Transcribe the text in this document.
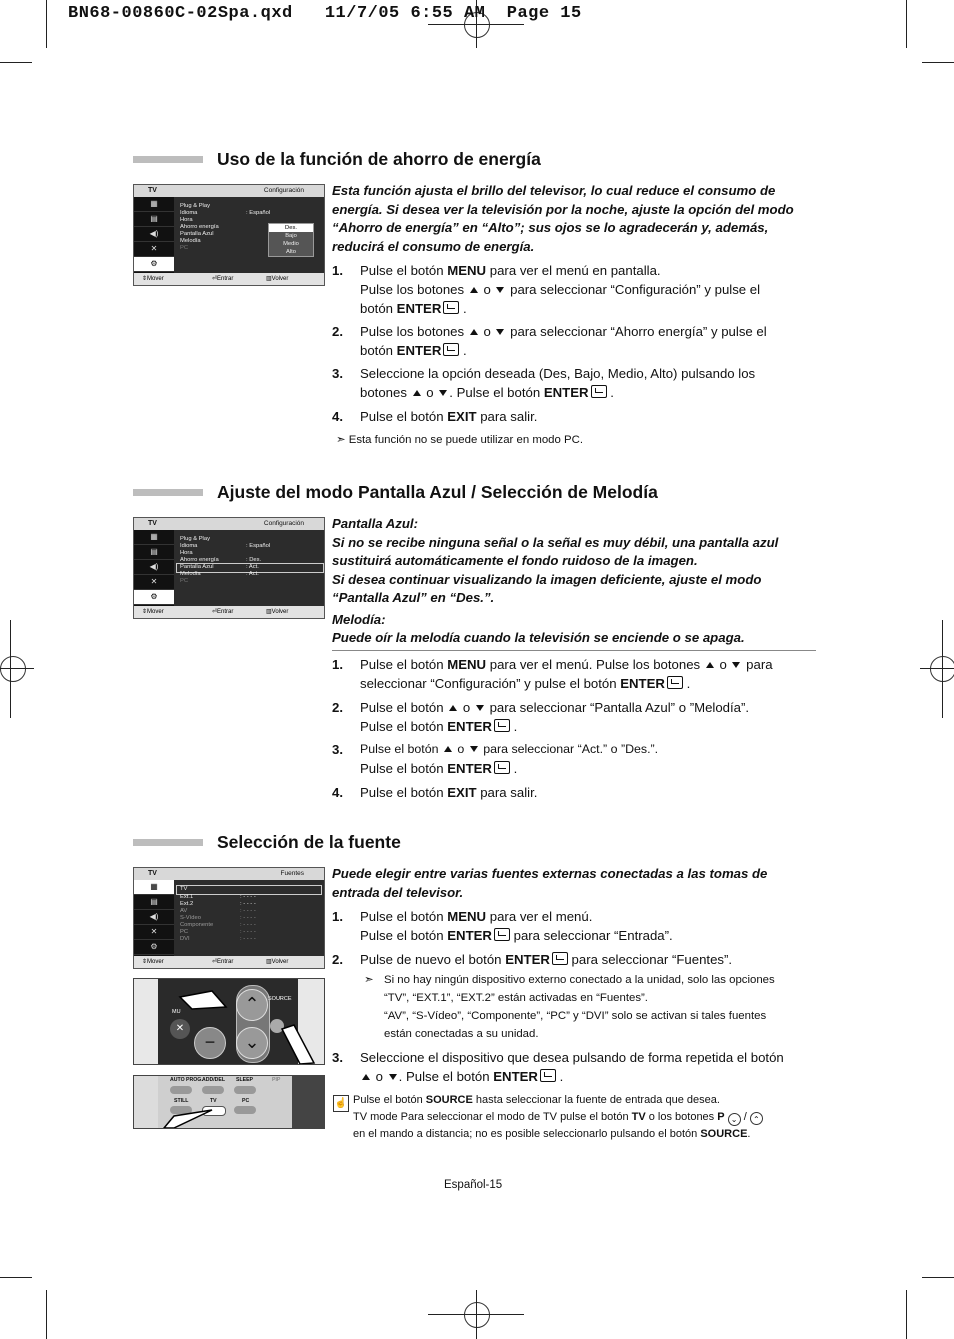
BN68-00860C-02Spa.qxd   11/7/05 6:55 AM  Page 15
Uso de la función de ahorro de energía
TV	Configuración
▦
▤
◀)
✕
⚙
Plug & Play
Idioma	: Español
Hora
Ahorro energía
Pantalla Azul
Melodía
PC
Des.
Bajo
Medio
Alto
⇕Mover	⏎Entrar	▥Volver
Esta función ajusta el brillo del televisor, lo cual reduce el consumo de
energía. Si desea ver la televisión por la noche, ajuste la opción del modo
“Ahorro de energía” en “Alto”; sus ojos se lo agradecerán y, además,
reducirá el consumo de energía.
1. Pulse el botón MENU para ver el menú en pantalla.
Pulse los botones  o  para seleccionar “Configuración” y pulse el
botón ENTER .
2. Pulse los botones  o  para seleccionar “Ahorro energía” y pulse el
botón ENTER .
3. Seleccione la opción deseada (Des, Bajo, Medio, Alto) pulsando los
botones  o . Pulse el botón ENTER .
4. Pulse el botón EXIT para salir.
➣ Esta función no se puede utilizar en modo PC.
Ajuste del modo Pantalla Azul / Selección de Melodía
TV	Configuración
▦
▤
◀)
✕
⚙
Plug & Play
Idioma	: Español
Hora
Ahorro energía	: Des.
Pantalla Azul	: Act.
Melodía	: Act.
PC
⇕Mover	⏎Entrar	▥Volver
Pantalla Azul:
Si no se recibe ninguna señal o la señal es muy débil, una pantalla azul
sustituirá automáticamente el fondo ruidoso de la imagen.
Si desea continuar visualizando la imagen deficiente, ajuste el modo
“Pantalla Azul” en “Des.”.
Melodía:
Puede oír la melodía cuando la televisión se enciende o se apaga.
1. Pulse el botón MENU para ver el menú. Pulse los botones  o  para
seleccionar “Configuración” y pulse el botón ENTER .
2. Pulse el botón  o  para seleccionar “Pantalla Azul” o ”Melodía”.
Pulse el botón ENTER .
3. Pulse el botón  o  para seleccionar “Act.” o ”Des.”.
Pulse el botón ENTER .
4. Pulse el botón EXIT para salir.
Selección de la fuente
TV	Fuentes
▦
▤
◀)
✕
⚙
TV
Ext.1	: - - - -
Ext.2	: - - - -
AV	: - - - -
S-Vídeo	: - - - -
Componente	: - - - -
PC	: - - - -
DVI	: - - - -
⇕Mover	⏎Entrar	▥Volver
⌃
⌄
−
✕
SOURCE
MU
AUTO PROG. ADD/DEL SLEEP	PIP
STILL	TV	PC
Puede elegir entre varias fuentes externas conectadas a las tomas de
entrada del televisor.
1. Pulse el botón MENU para ver el menú.
Pulse el botón ENTER para seleccionar “Entrada”.
2. Pulse de nuevo el botón ENTER para seleccionar “Fuentes”.
➣ Si no hay ningún dispositivo externo conectado a la unidad, solo las opciones
“TV”, “EXT.1”, “EXT.2” están activadas en “Fuentes”.
“AV”, “S-Vídeo”, “Componente”, “PC” y “DVI” solo se activan si tales fuentes
están conectadas a su unidad.
3. Seleccione el dispositivo que desea pulsando de forma repetida el botón
o . Pulse el botón ENTER .
☝ Pulse el botón SOURCE hasta seleccionar la fuente de entrada que desea.
TV mode Para seleccionar el modo de TV pulse el botón TV o los botones P ⌄ / ⌃
en el mando a distancia; no es posible seleccionarlo pulsando el botón SOURCE.
Español-15
